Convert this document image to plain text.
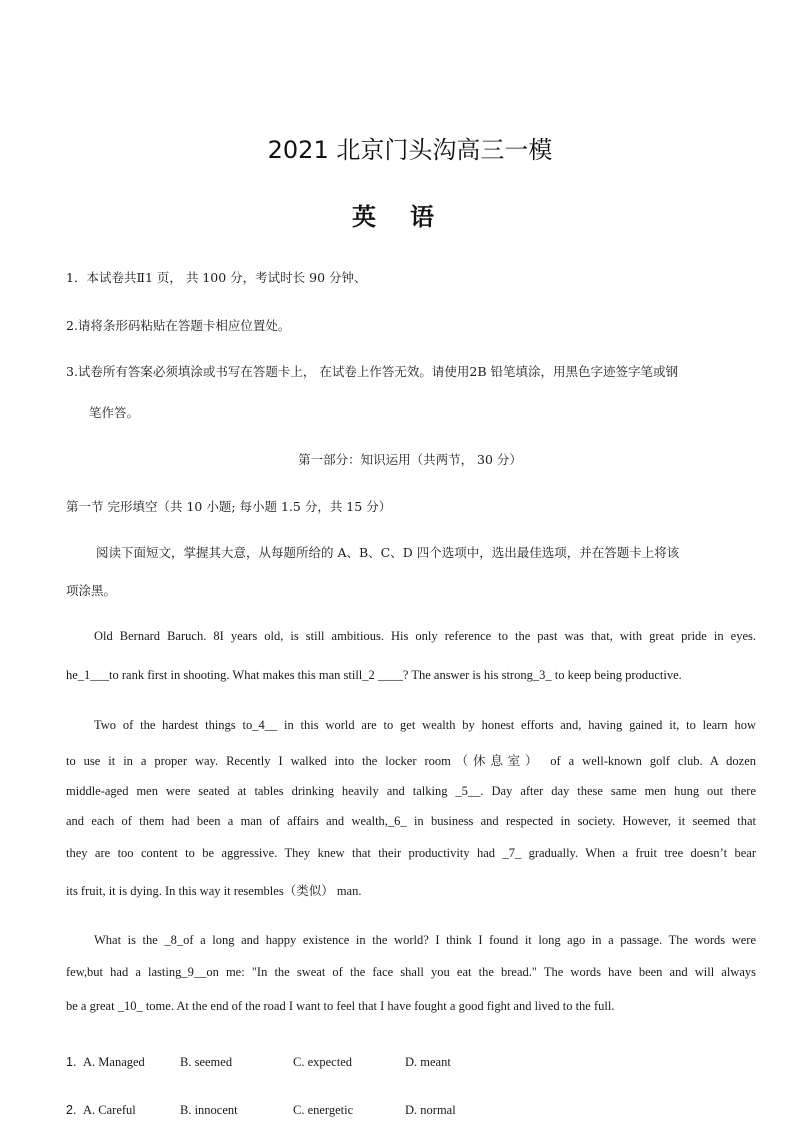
2021 北京门头沟高三一模
英语
1．本试卷共Ⅱ1 页， 共 100 分，考试时长 90 分钟、
2.请将条形码粘贴在答题卡相应位置处。
3.试卷所有答案必须填涂或书写在答题卡上， 在试卷上作答无效。请使用2B 铅笔填涂，用黑色字迹签字笔或钢
笔作答。
第一部分：知识运用（共两节， 30 分）
第一节 完形填空（共 10 小题; 每小题 1.5 分，共 15 分）
阅读下面短文，掌握其大意，从每题所给的 A、B、C、D 四个选项中，选出最佳选项，并在答题卡上将该
项涂黑。
Old Bernard Baruch. 8I years old, is still ambitious. His only reference to the past was that, with great pride in eyes.
he_1___to rank first in shooting. What makes this man still_2 ____? The answer is his strong_3_ to keep being productive.
Two of the hardest things to_4__ in this world are to get wealth by honest efforts and, having gained it, to learn how
to use it in a proper way. Recently I walked into the locker room（休息室） of a well-known golf club. A dozen
middle-aged men were seated at tables drinking heavily and talking _5__. Day after day these same men hung out there
and each of them had been a man of affairs and wealth,_6_ in business and respected in society. However, it seemed that
they are too content to be aggressive. They knew that their productivity had _7_ gradually. When a fruit tree doesn’t bear
its fruit, it is dying. In this way it resembles（类似） man.
What is the _8_of a long and happy existence in the world? I think I found it long ago in a passage. The words were
few,but had a lasting_9__on me: "In the sweat of the face shall you eat the bread." The words have been and will always
be a great _10_ tome. At the end of the road I want to feel that I have fought a good fight and lived to the full.
1. A. Managed	B. seemed	C. expected	D. meant
2. A. Careful	B. innocent	C. energetic	D. normal
